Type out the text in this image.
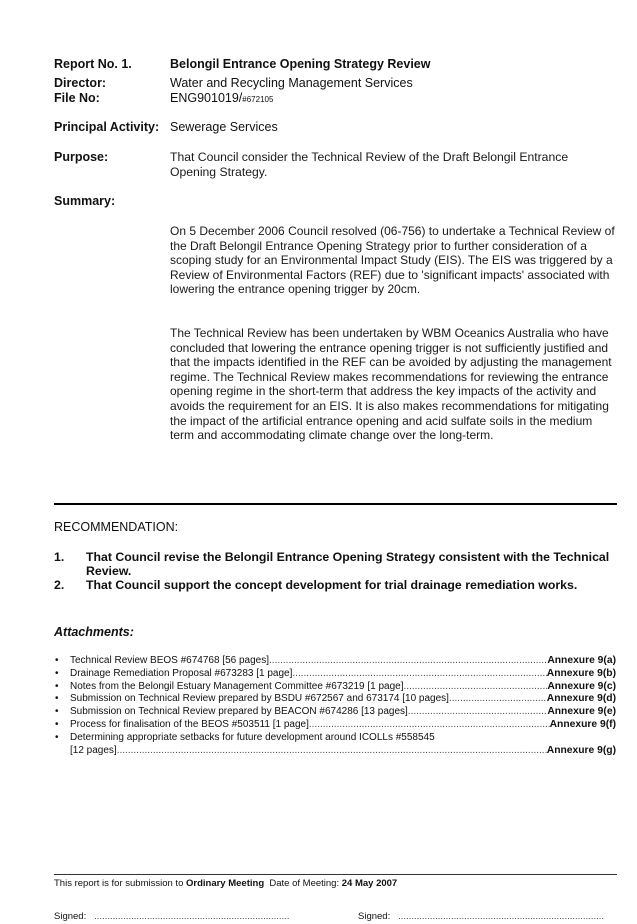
Report No. 1.	Belongil Entrance Opening Strategy Review
Director:	Water and Recycling Management Services
File No:	ENG901019/#672105
Principal Activity: Sewerage Services
Purpose:	That Council consider the Technical Review of the Draft Belongil Entrance Opening Strategy.

Summary:

On 5 December 2006 Council resolved (06-756) to undertake a Technical Review of the Draft Belongil Entrance Opening Strategy prior to further consideration of a scoping study for an Environmental Impact Study (EIS). The EIS was triggered by a Review of Environmental Factors (REF) due to 'significant impacts' associated with lowering the entrance opening trigger by 20cm.

The Technical Review has been undertaken by WBM Oceanics Australia who have concluded that lowering the entrance opening trigger is not sufficiently justified and that the impacts identified in the REF can be avoided by adjusting the management regime. The Technical Review makes recommendations for reviewing the entrance opening regime in the short-term that address the key impacts of the activity and avoids the requirement for an EIS. It is also makes recommendations for mitigating the impact of the artificial entrance opening and acid sulfate soils in the medium term and accommodating climate change over the long-term.

RECOMMENDATION:
1. That Council revise the Belongil Entrance Opening Strategy consistent with the Technical Review.
2. That Council support the concept development for trial drainage remediation works.
Attachments:
• Technical Review BEOS #674768 [56 pages] .....	Annexure 9(a)
• Drainage Remediation Proposal #673283 [1 page] .....	Annexure 9(b)
• Notes from the Belongil Estuary Management Committee #673219 [1 page] .....	Annexure 9(c)
• Submission on Technical Review prepared by BSDU #672567 and 673174 [10 pages] .....	Annexure 9(d)
• Submission on Technical Review prepared by BEACON #674286 [13 pages] .....	Annexure 9(e)
• Process for finalisation of the BEOS #503511 [1 page] .....	Annexure 9(f)
• Determining appropriate setbacks for future development around ICOLLs #558545
[12 pages] .....	Annexure 9(g)
This report is for submission to Ordinary Meeting  Date of Meeting: 24 May 2007
Signed: ..........................................................................	Signed: ..............................................................................
